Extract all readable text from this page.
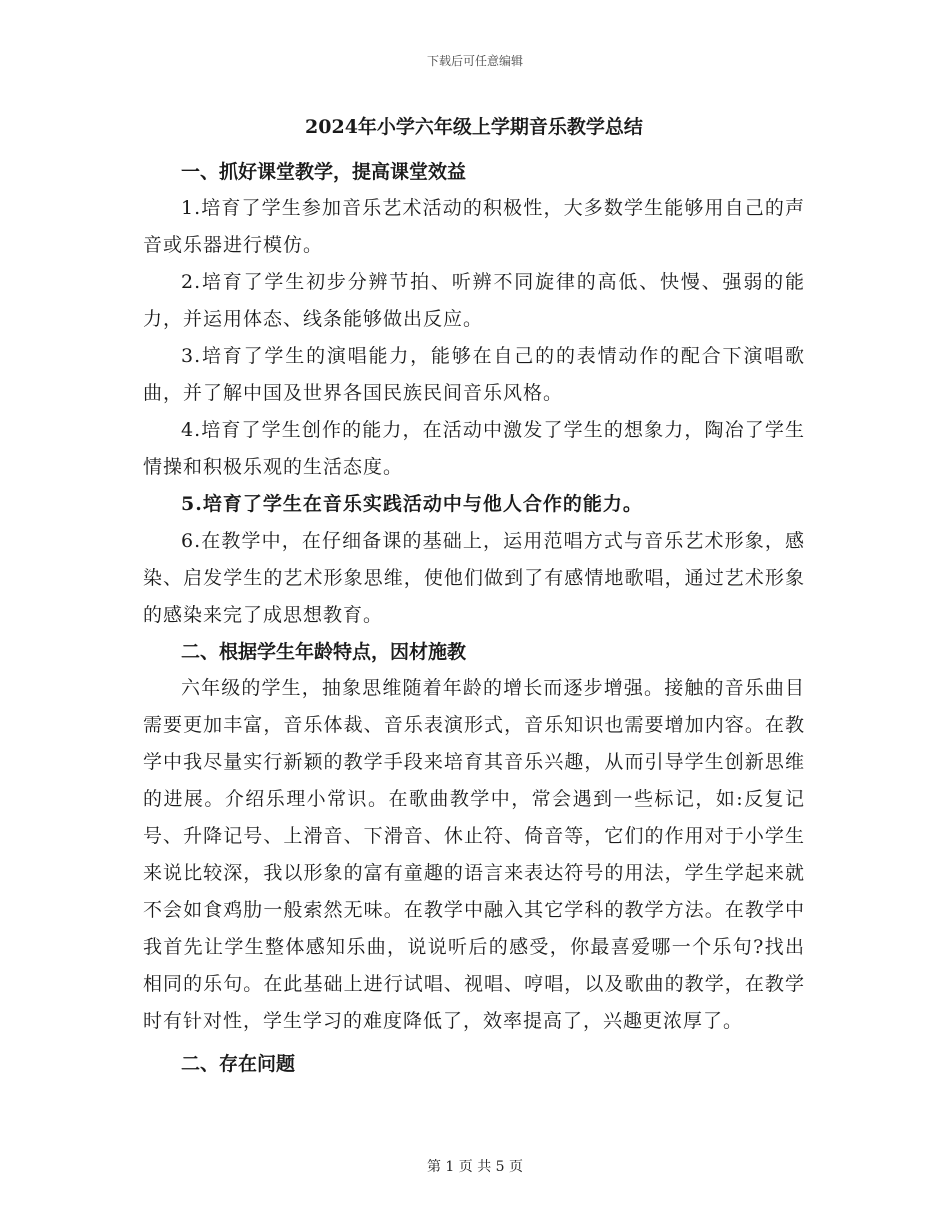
下载后可任意编辑
2024年小学六年级上学期音乐教学总结
一、抓好课堂教学，提高课堂效益

1.培育了学生参加音乐艺术活动的积极性，大多数学生能够用自己的声音或乐器进行模仿。

2.培育了学生初步分辨节拍、听辨不同旋律的高低、快慢、强弱的能力，并运用体态、线条能够做出反应。

3.培育了学生的演唱能力，能够在自己的的表情动作的配合下演唱歌曲，并了解中国及世界各国民族民间音乐风格。

4.培育了学生创作的能力，在活动中激发了学生的想象力，陶冶了学生情操和积极乐观的生活态度。

5.培育了学生在音乐实践活动中与他人合作的能力。

6.在教学中，在仔细备课的基础上，运用范唱方式与音乐艺术形象，感染、启发学生的艺术形象思维，使他们做到了有感情地歌唱，通过艺术形象的感染来完了成思想教育。

二、根据学生年龄特点，因材施教

六年级的学生，抽象思维随着年龄的增长而逐步增强。接触的音乐曲目需要更加丰富，音乐体裁、音乐表演形式，音乐知识也需要增加内容。在教学中我尽量实行新颖的教学手段来培育其音乐兴趣，从而引导学生创新思维的进展。介绍乐理小常识。在歌曲教学中，常会遇到一些标记，如:反复记号、升降记号、上滑音、下滑音、休止符、倚音等，它们的作用对于小学生来说比较深，我以形象的富有童趣的语言来表达符号的用法，学生学起来就不会如食鸡肋一般索然无味。在教学中融入其它学科的教学方法。在教学中我首先让学生整体感知乐曲，说说听后的感受，你最喜爱哪一个乐句?找出相同的乐句。在此基础上进行试唱、视唱、哼唱，以及歌曲的教学，在教学时有针对性，学生学习的难度降低了，效率提高了，兴趣更浓厚了。

二、存在问题
第 1 页 共 5 页
